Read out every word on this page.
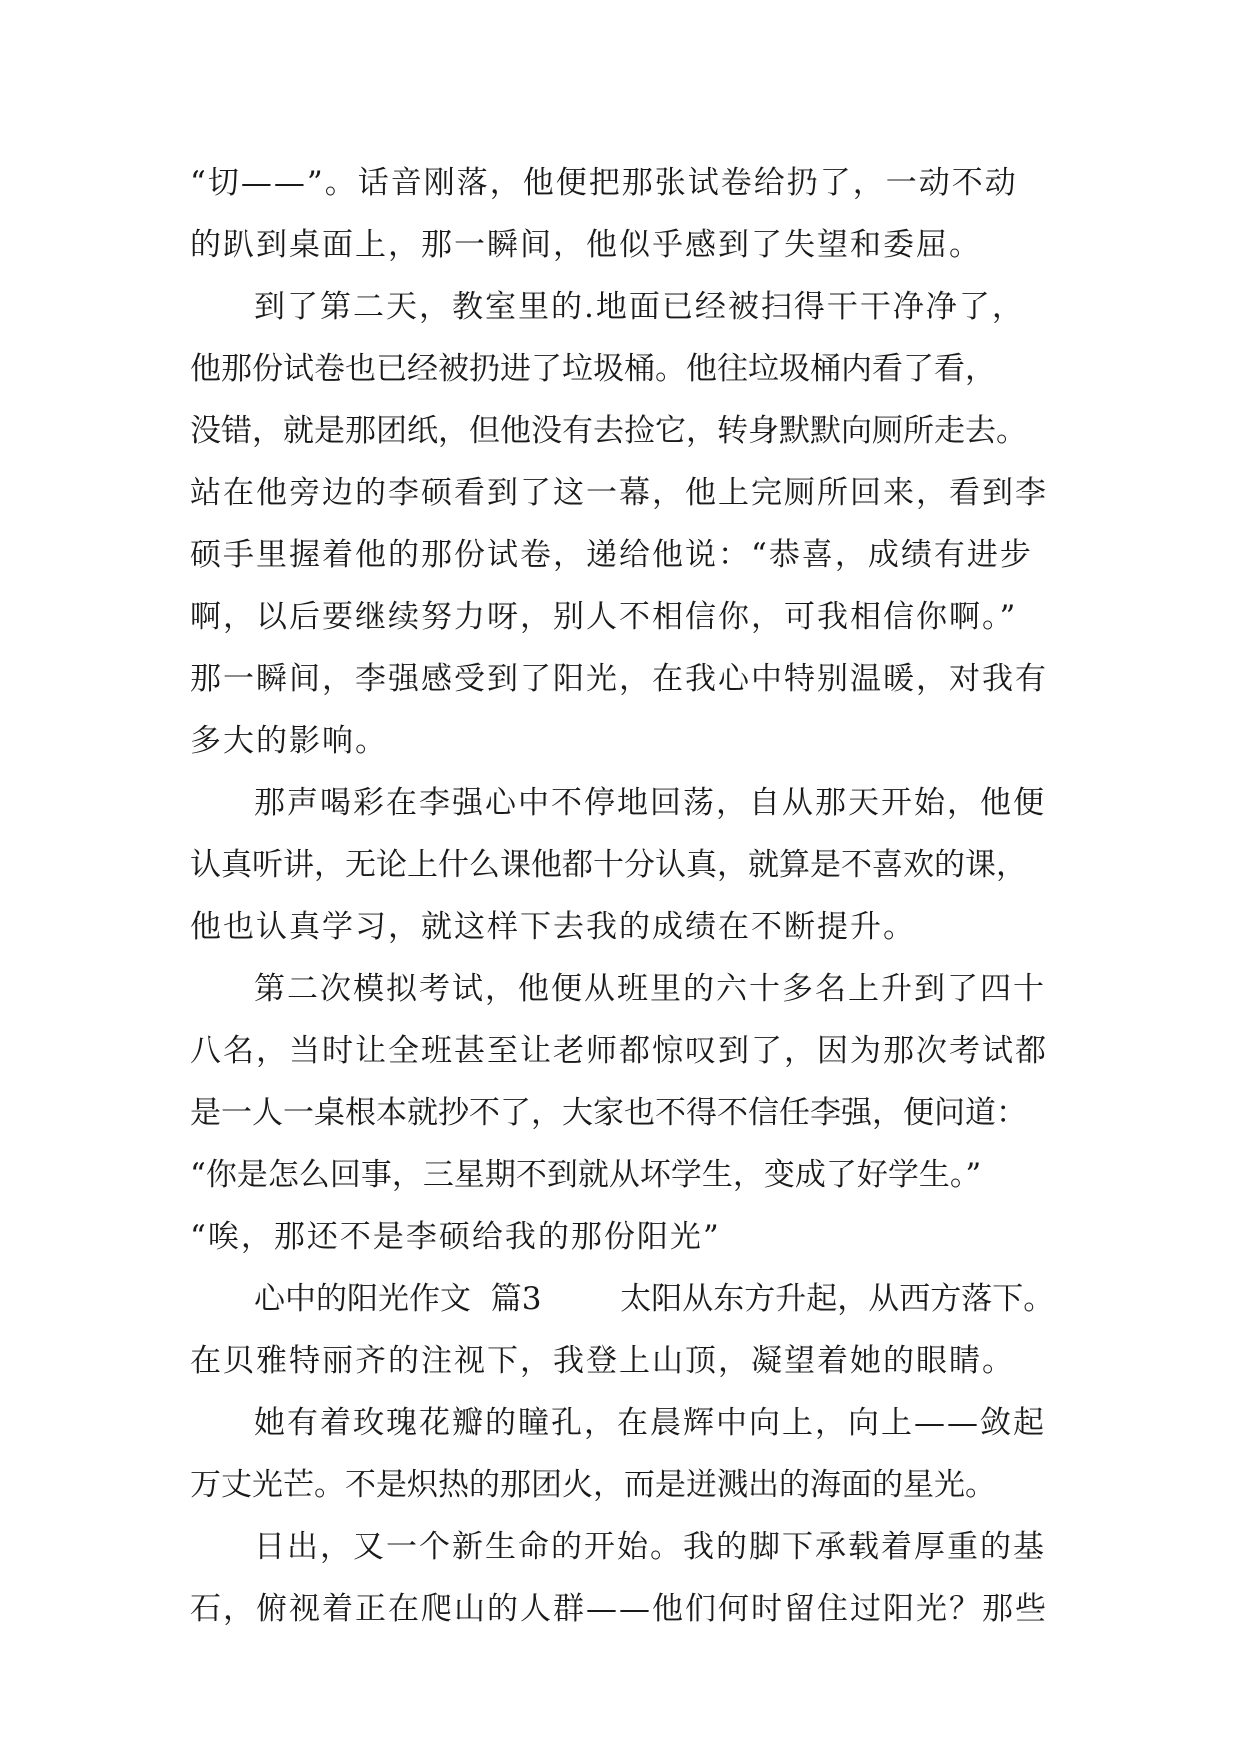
“切——”。话音刚落，他便把那张试卷给扔了，一动不动
的趴到桌面上，那一瞬间，他似乎感到了失望和委屈。
到了第二天，教室里的.地面已经被扫得干干净净了，
他那份试卷也已经被扔进了垃圾桶。他往垃圾桶内看了看，
没错，就是那团纸，但他没有去捡它，转身默默向厕所走去。
站在他旁边的李硕看到了这一幕，他上完厕所回来，看到李
硕手里握着他的那份试卷，递给他说：“恭喜，成绩有进步
啊，以后要继续努力呀，别人不相信你，可我相信你啊。”
那一瞬间，李强感受到了阳光，在我心中特别温暖，对我有
多大的影响。
那声喝彩在李强心中不停地回荡，自从那天开始，他便
认真听讲，无论上什么课他都十分认真，就算是不喜欢的课，
他也认真学习，就这样下去我的成绩在不断提升。
第二次模拟考试，他便从班里的六十多名上升到了四十
八名，当时让全班甚至让老师都惊叹到了，因为那次考试都
是一人一桌根本就抄不了，大家也不得不信任李强，便问道：
“你是怎么回事，三星期不到就从坏学生，变成了好学生。”
“唉，那还不是李硕给我的那份阳光”
心中的阳光作文  篇3        太阳从东方升起，从西方落下。
在贝雅特丽齐的注视下，我登上山顶，凝望着她的眼睛。
她有着玫瑰花瓣的瞳孔，在晨辉中向上，向上——敛起
万丈光芒。不是炽热的那团火，而是迸溅出的海面的星光。
日出，又一个新生命的开始。我的脚下承载着厚重的基
石，俯视着正在爬山的人群——他们何时留住过阳光？那些
